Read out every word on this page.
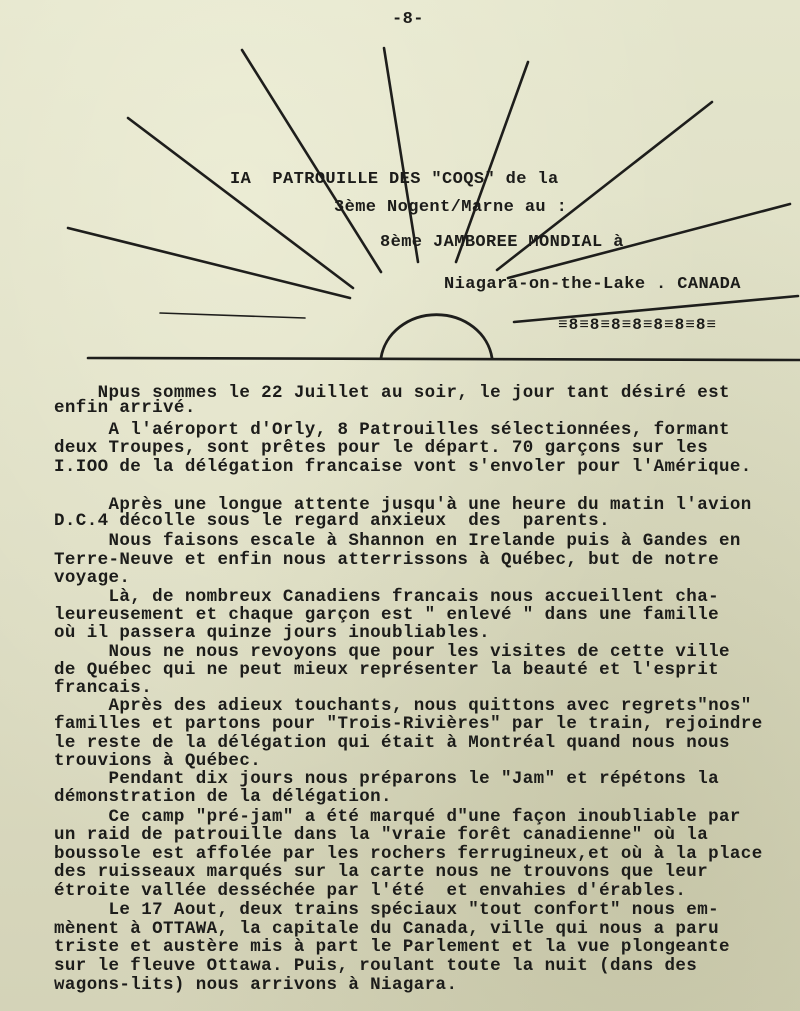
-8-
IA  PATROUILLE DES "COQS" de la
3ème Nogent/Marne au :
8ème JAMBOREE MONDIAL à
Niagara-on-the-Lake . CANADA
≡8≡8≡8≡8≡8≡8≡8≡
Npus sommes le 22 Juillet au soir, le jour tant désiré est
enfin arrivé.
A l'aéroport d'Orly, 8 Patrouilles sélectionnées, formant
deux Troupes, sont prêtes pour le départ. 70 garçons sur les
I.IOO de la délégation francaise vont s'envoler pour l'Amérique.
Après une longue attente jusqu'à une heure du matin l'avion
D.C.4 décolle sous le regard anxieux  des  parents.
Nous faisons escale à Shannon en Irelande puis à Gandes en
Terre-Neuve et enfin nous atterrissons à Québec, but de notre
voyage.
Là, de nombreux Canadiens francais nous accueillent cha-
leureusement et chaque garçon est " enlevé " dans une famille
où il passera quinze jours inoubliables.
Nous ne nous revoyons que pour les visites de cette ville
de Québec qui ne peut mieux représenter la beauté et l'esprit
francais.
Après des adieux touchants, nous quittons avec regrets"nos"
familles et partons pour "Trois-Rivières" par le train, rejoindre
le reste de la délégation qui était à Montréal quand nous nous
trouvions à Québec.
Pendant dix jours nous préparons le "Jam" et répétons la
démonstration de la délégation.
Ce camp "pré-jam" a été marqué d"une façon inoubliable par
un raid de patrouille dans la "vraie forêt canadienne" où la
boussole est affolée par les rochers ferrugineux,et où à la place
des ruisseaux marqués sur la carte nous ne trouvons que leur
étroite vallée desséchée par l'été  et envahies d'érables.
Le 17 Aout, deux trains spéciaux "tout confort" nous em-
mènent à OTTAWA, la capitale du Canada, ville qui nous a paru
triste et austère mis à part le Parlement et la vue plongeante
sur le fleuve Ottawa. Puis, roulant toute la nuit (dans des
wagons-lits) nous arrivons à Niagara.
